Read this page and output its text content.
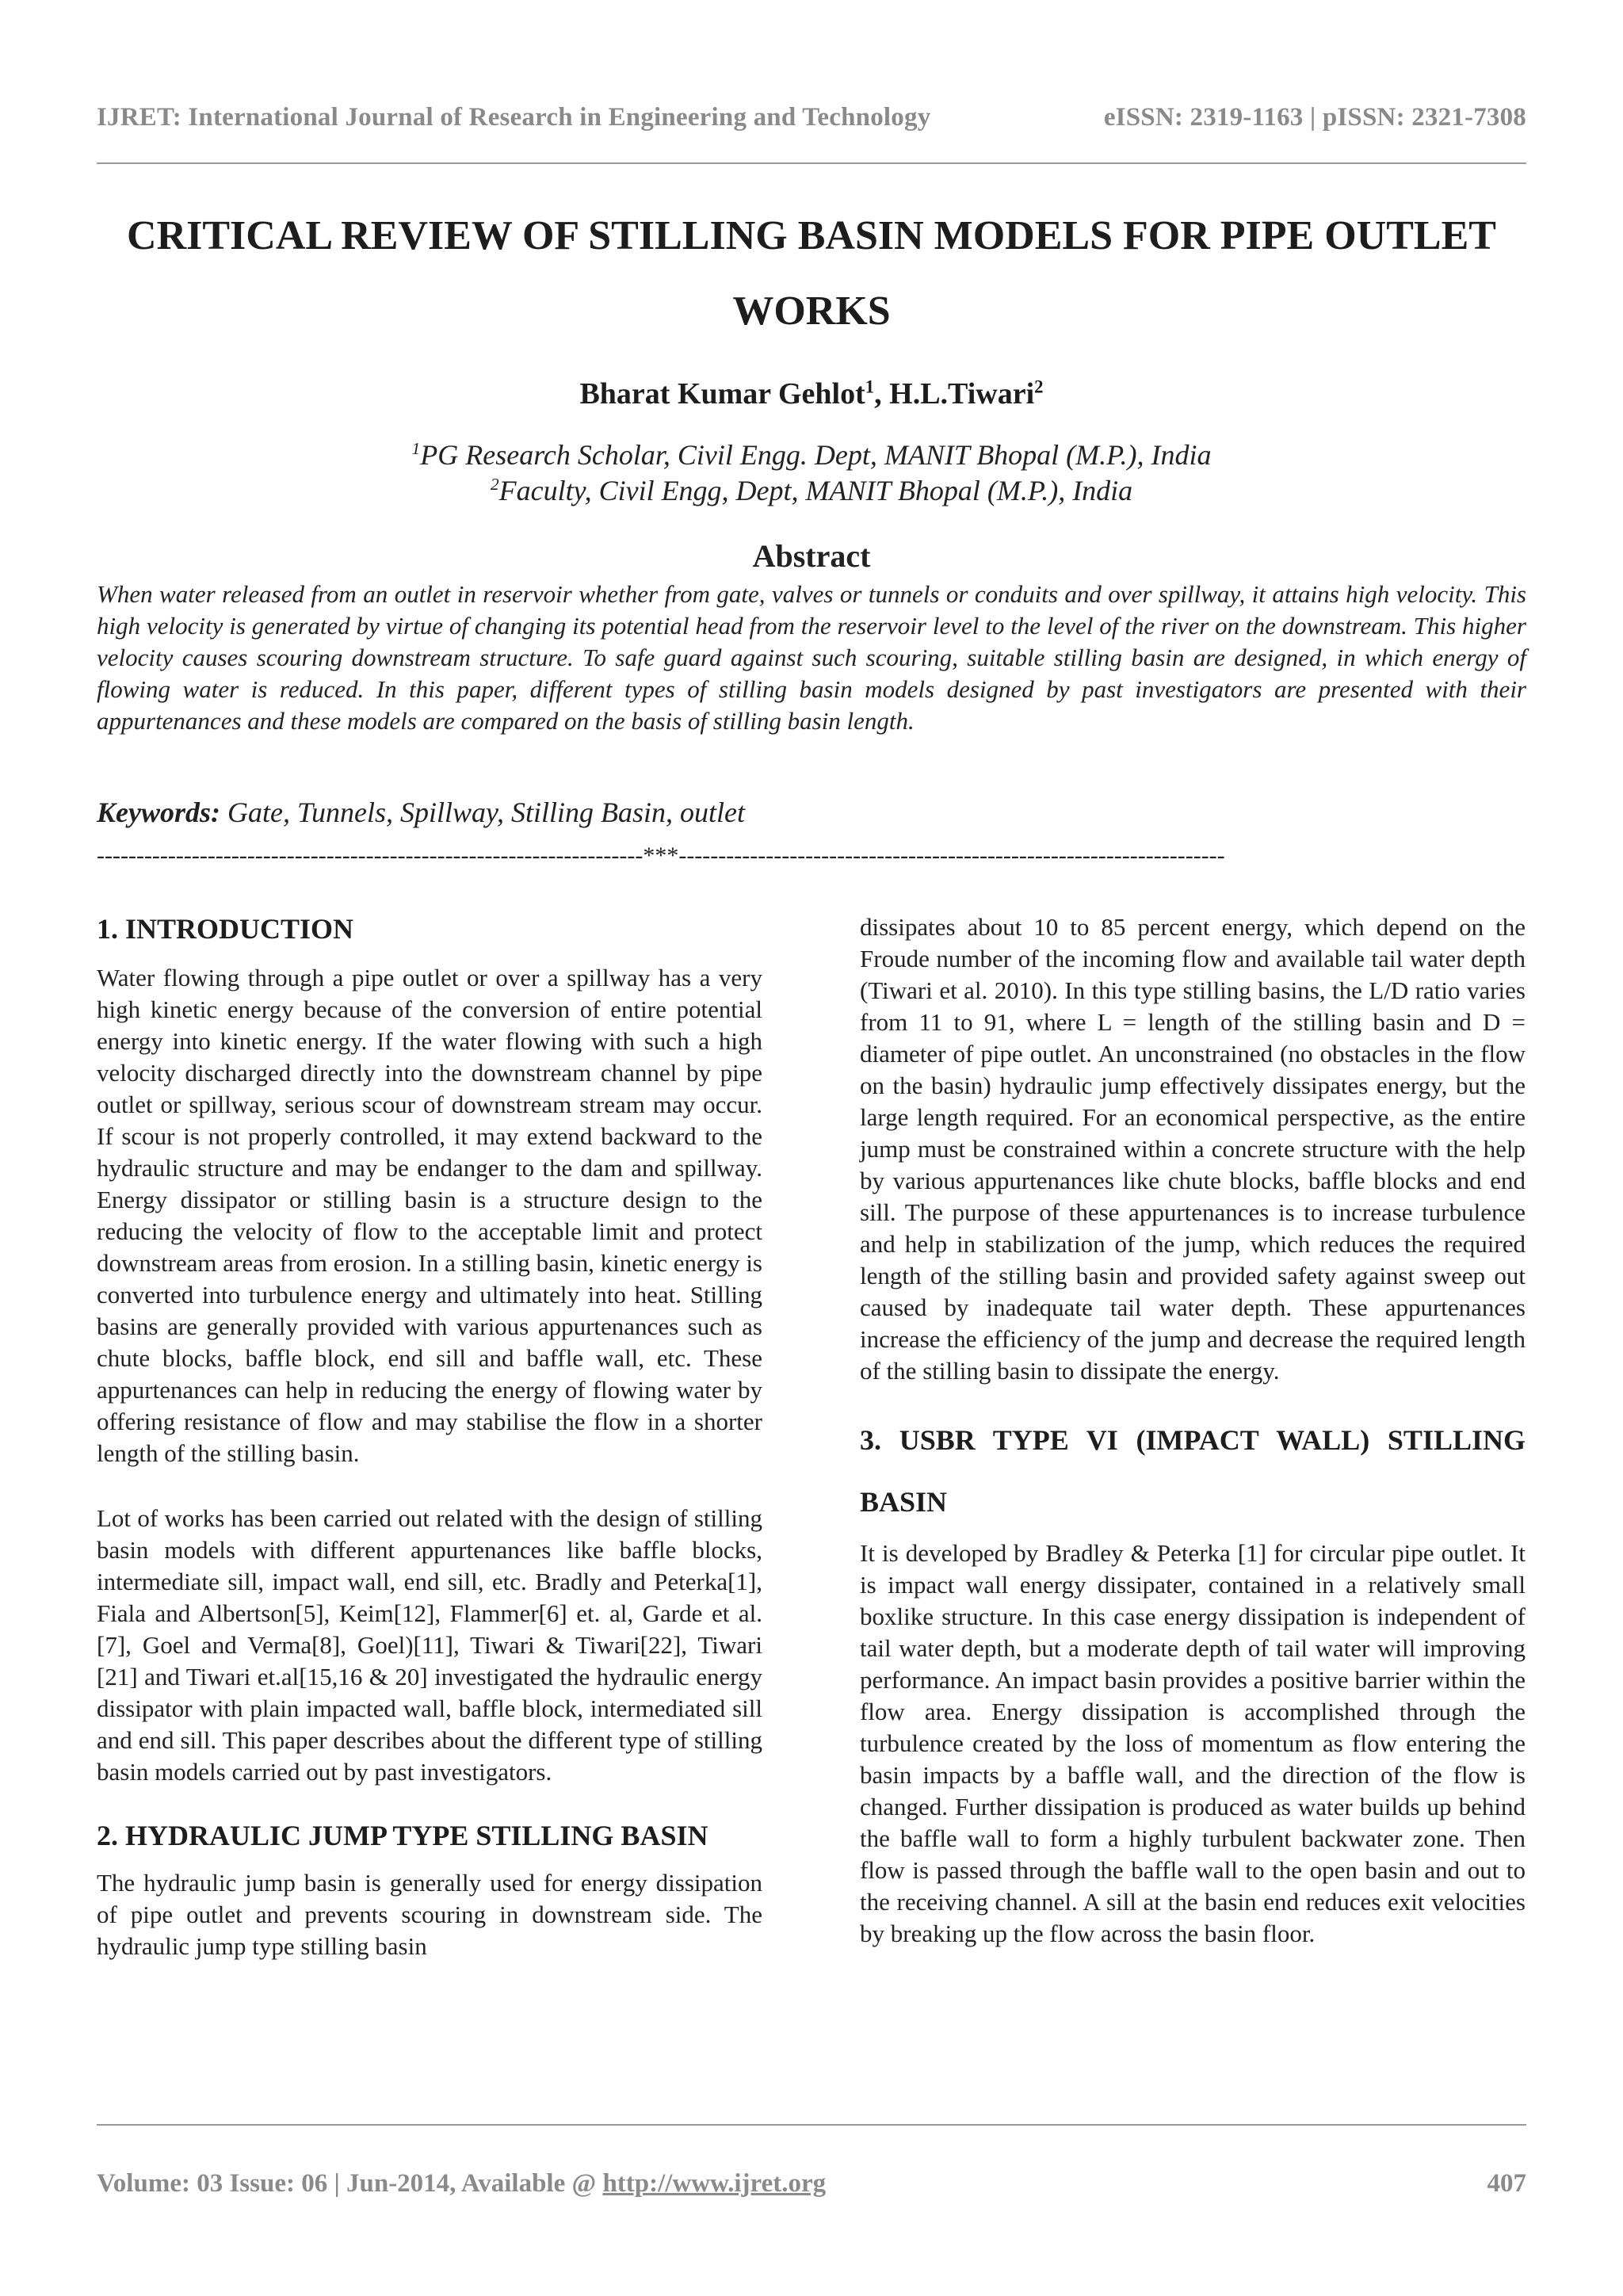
IJRET: International Journal of Research in Engineering and Technology	eISSN: 2319-1163 | pISSN: 2321-7308
CRITICAL REVIEW OF STILLING BASIN MODELS FOR PIPE OUTLET WORKS
Bharat Kumar Gehlot$^1$, H.L.Tiwari$^2$
$^1$PG Research Scholar, Civil Engg. Dept, MANIT Bhopal (M.P.), India
$^2$Faculty, Civil Engg, Dept, MANIT Bhopal (M.P.), India
Abstract
When water released from an outlet in reservoir whether from gate, valves or tunnels or conduits and over spillway, it attains high velocity. This high velocity is generated by virtue of changing its potential head from the reservoir level to the level of the river on the downstream. This higher velocity causes scouring downstream structure. To safe guard against such scouring, suitable stilling basin are designed, in which energy of flowing water is reduced. In this paper, different types of stilling basin models designed by past investigators are presented with their appurtenances and these models are compared on the basis of stilling basin length.
Keywords: Gate, Tunnels, Spillway, Stilling Basin, outlet
---------------------------------------------------------------------***---------------------------------------------------------------------
1. INTRODUCTION

Water flowing through a pipe outlet or over a spillway has a very high kinetic energy because of the conversion of entire potential energy into kinetic energy. If the water flowing with such a high velocity discharged directly into the downstream channel by pipe outlet or spillway, serious scour of downstream stream may occur. If scour is not properly controlled, it may extend backward to the hydraulic structure and may be endanger to the dam and spillway. Energy dissipator or stilling basin is a structure design to the reducing the velocity of flow to the acceptable limit and protect downstream areas from erosion. In a stilling basin, kinetic energy is converted into turbulence energy and ultimately into heat. Stilling basins are generally provided with various appurtenances such as chute blocks, baffle block, end sill and baffle wall, etc. These appurtenances can help in reducing the energy of flowing water by offering resistance of flow and may stabilise the flow in a shorter length of the stilling basin.

Lot of works has been carried out related with the design of stilling basin models with different appurtenances like baffle blocks, intermediate sill, impact wall, end sill, etc. Bradly and Peterka[1], Fiala and Albertson[5], Keim[12], Flammer[6] et. al, Garde et al.[7], Goel and Verma[8], Goel)[11], Tiwari & Tiwari[22], Tiwari [21] and Tiwari et.al[15,16 & 20] investigated the hydraulic energy dissipator with plain impacted wall, baffle block, intermediated sill and end sill. This paper describes about the different type of stilling basin models carried out by past investigators.

2. HYDRAULIC JUMP TYPE STILLING BASIN

The hydraulic jump basin is generally used for energy dissipation of pipe outlet and prevents scouring in downstream side. The hydraulic jump type stilling basin

dissipates about 10 to 85 percent energy, which depend on the Froude number of the incoming flow and available tail water depth (Tiwari et al. 2010). In this type stilling basins, the L/D ratio varies from 11 to 91, where L = length of the stilling basin and D = diameter of pipe outlet. An unconstrained (no obstacles in the flow on the basin) hydraulic jump effectively dissipates energy, but the large length required. For an economical perspective, as the entire jump must be constrained within a concrete structure with the help by various appurtenances like chute blocks, baffle blocks and end sill. The purpose of these appurtenances is to increase turbulence and help in stabilization of the jump, which reduces the required length of the stilling basin and provided safety against sweep out caused by inadequate tail water depth. These appurtenances increase the efficiency of the jump and decrease the required length of the stilling basin to dissipate the energy.

3. USBR TYPE VI (IMPACT WALL) STILLING BASIN

It is developed by Bradley & Peterka [1] for circular pipe outlet. It is impact wall energy dissipater, contained in a relatively small boxlike structure. In this case energy dissipation is independent of tail water depth, but a moderate depth of tail water will improving performance. An impact basin provides a positive barrier within the flow area. Energy dissipation is accomplished through the turbulence created by the loss of momentum as flow entering the basin impacts by a baffle wall, and the direction of the flow is changed. Further dissipation is produced as water builds up behind the baffle wall to form a highly turbulent backwater zone. Then flow is passed through the baffle wall to the open basin and out to the receiving channel. A sill at the basin end reduces exit velocities by breaking up the flow across the basin floor.

Volume: 03 Issue: 06 | Jun-2014, Available @ http://www.ijret.org	407
